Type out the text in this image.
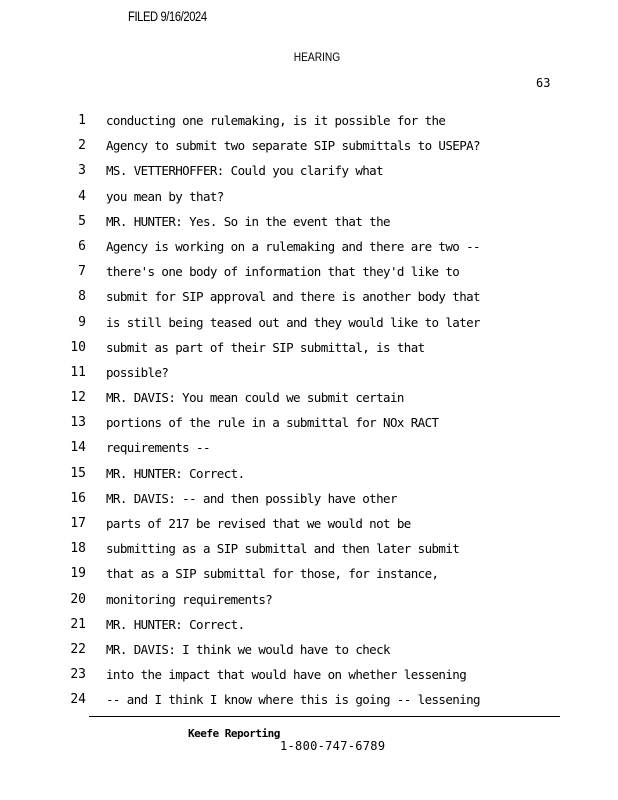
FILED 9/16/2024
HEARING
63
1 conducting one rulemaking, is it possible for the
2 Agency to submit two separate SIP submittals to USEPA?
3 MS. VETTERHOFFER: Could you clarify what
4 you mean by that?
5 MR. HUNTER: Yes. So in the event that the
6 Agency is working on a rulemaking and there are two --
7 there's one body of information that they'd like to
8 submit for SIP approval and there is another body that
9 is still being teased out and they would like to later
10 submit as part of their SIP submittal, is that
11 possible?
12 MR. DAVIS: You mean could we submit certain
13 portions of the rule in a submittal for NOx RACT
14 requirements --
15 MR. HUNTER: Correct.
16 MR. DAVIS: -- and then possibly have other
17 parts of 217 be revised that we would not be
18 submitting as a SIP submittal and then later submit
19 that as a SIP submittal for those, for instance,
20 monitoring requirements?
21 MR. HUNTER: Correct.
22 MR. DAVIS: I think we would have to check
23 into the impact that would have on whether lessening
24 -- and I think I know where this is going -- lessening
Keefe Reporting
1-800-747-6789
